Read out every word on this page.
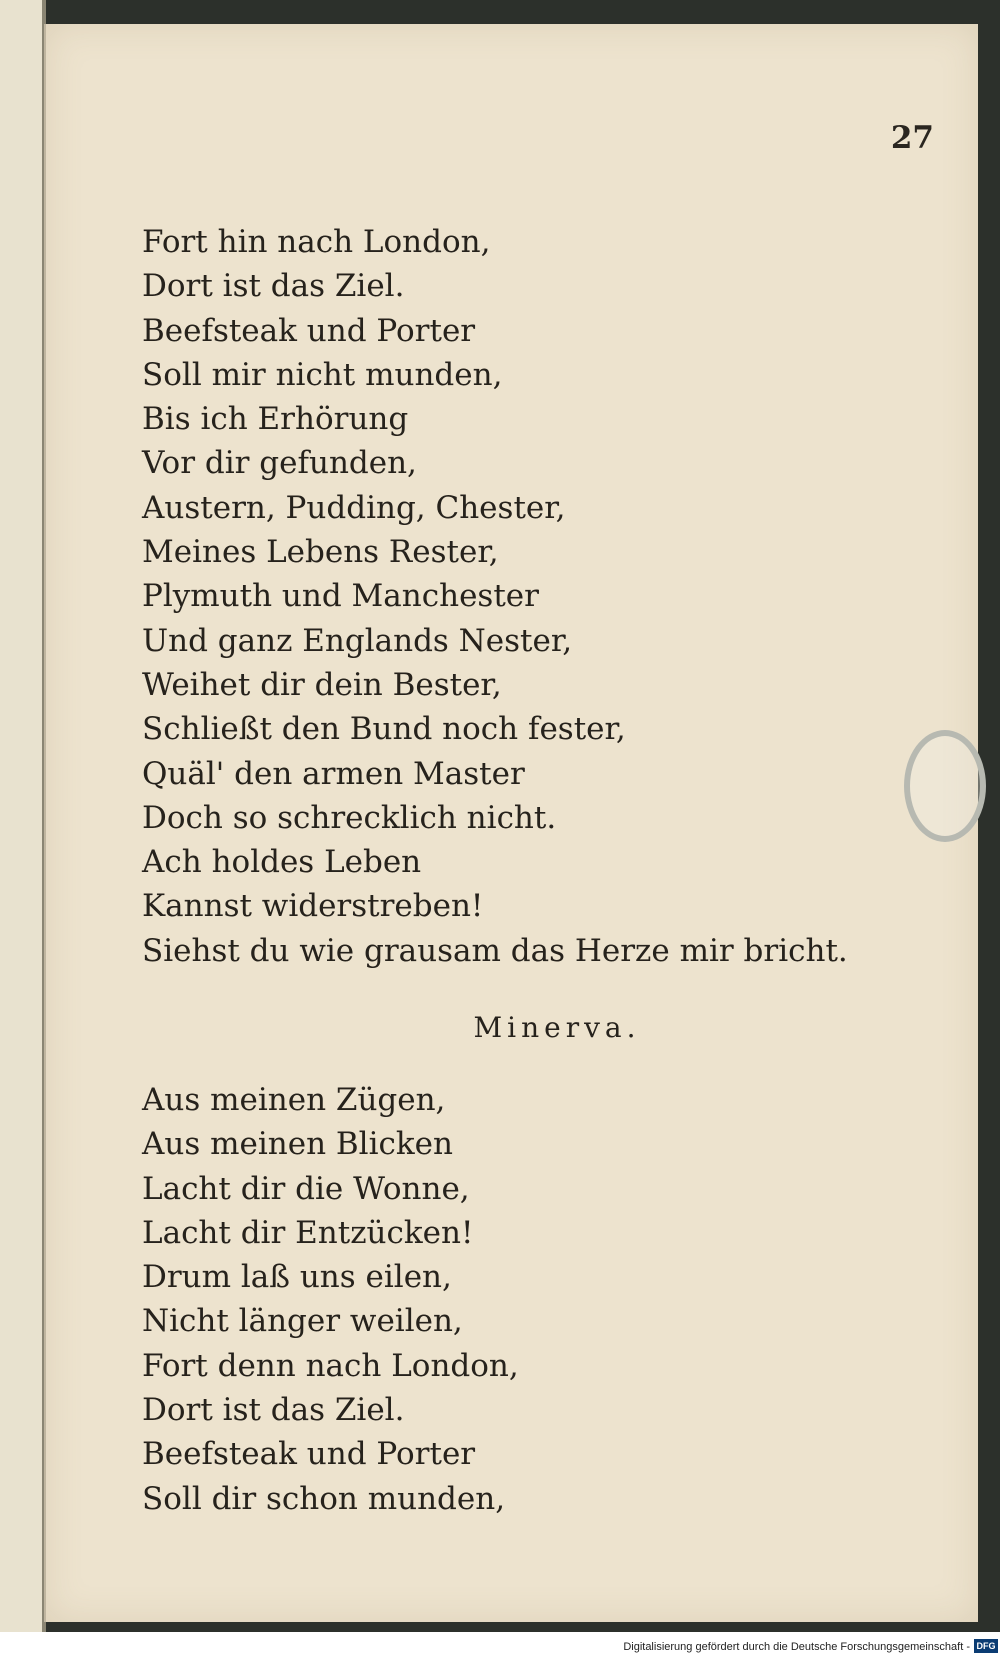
27
Fort hin nach London,
Dort ist das Ziel.
Beefsteak und Porter
Soll mir nicht munden,
Bis ich Erhörung
Vor dir gefunden,
Austern, Pudding, Chester,
Meines Lebens Rester,
Plymuth und Manchester
Und ganz Englands Nester,
Weihet dir dein Bester,
Schließt den Bund noch fester,
Quäl' den armen Master
Doch so schrecklich nicht.
Ach holdes Leben
Kannst widerstreben!
Siehst du wie grausam das Herze mir bricht.
Minerva.
Aus meinen Zügen,
Aus meinen Blicken
Lacht dir die Wonne,
Lacht dir Entzücken!
Drum laß uns eilen,
Nicht länger weilen,
Fort denn nach London,
Dort ist das Ziel.
Beefsteak und Porter
Soll dir schon munden,
Digitalisierung gefördert durch die Deutsche Forschungsgemeinschaft - DFG
